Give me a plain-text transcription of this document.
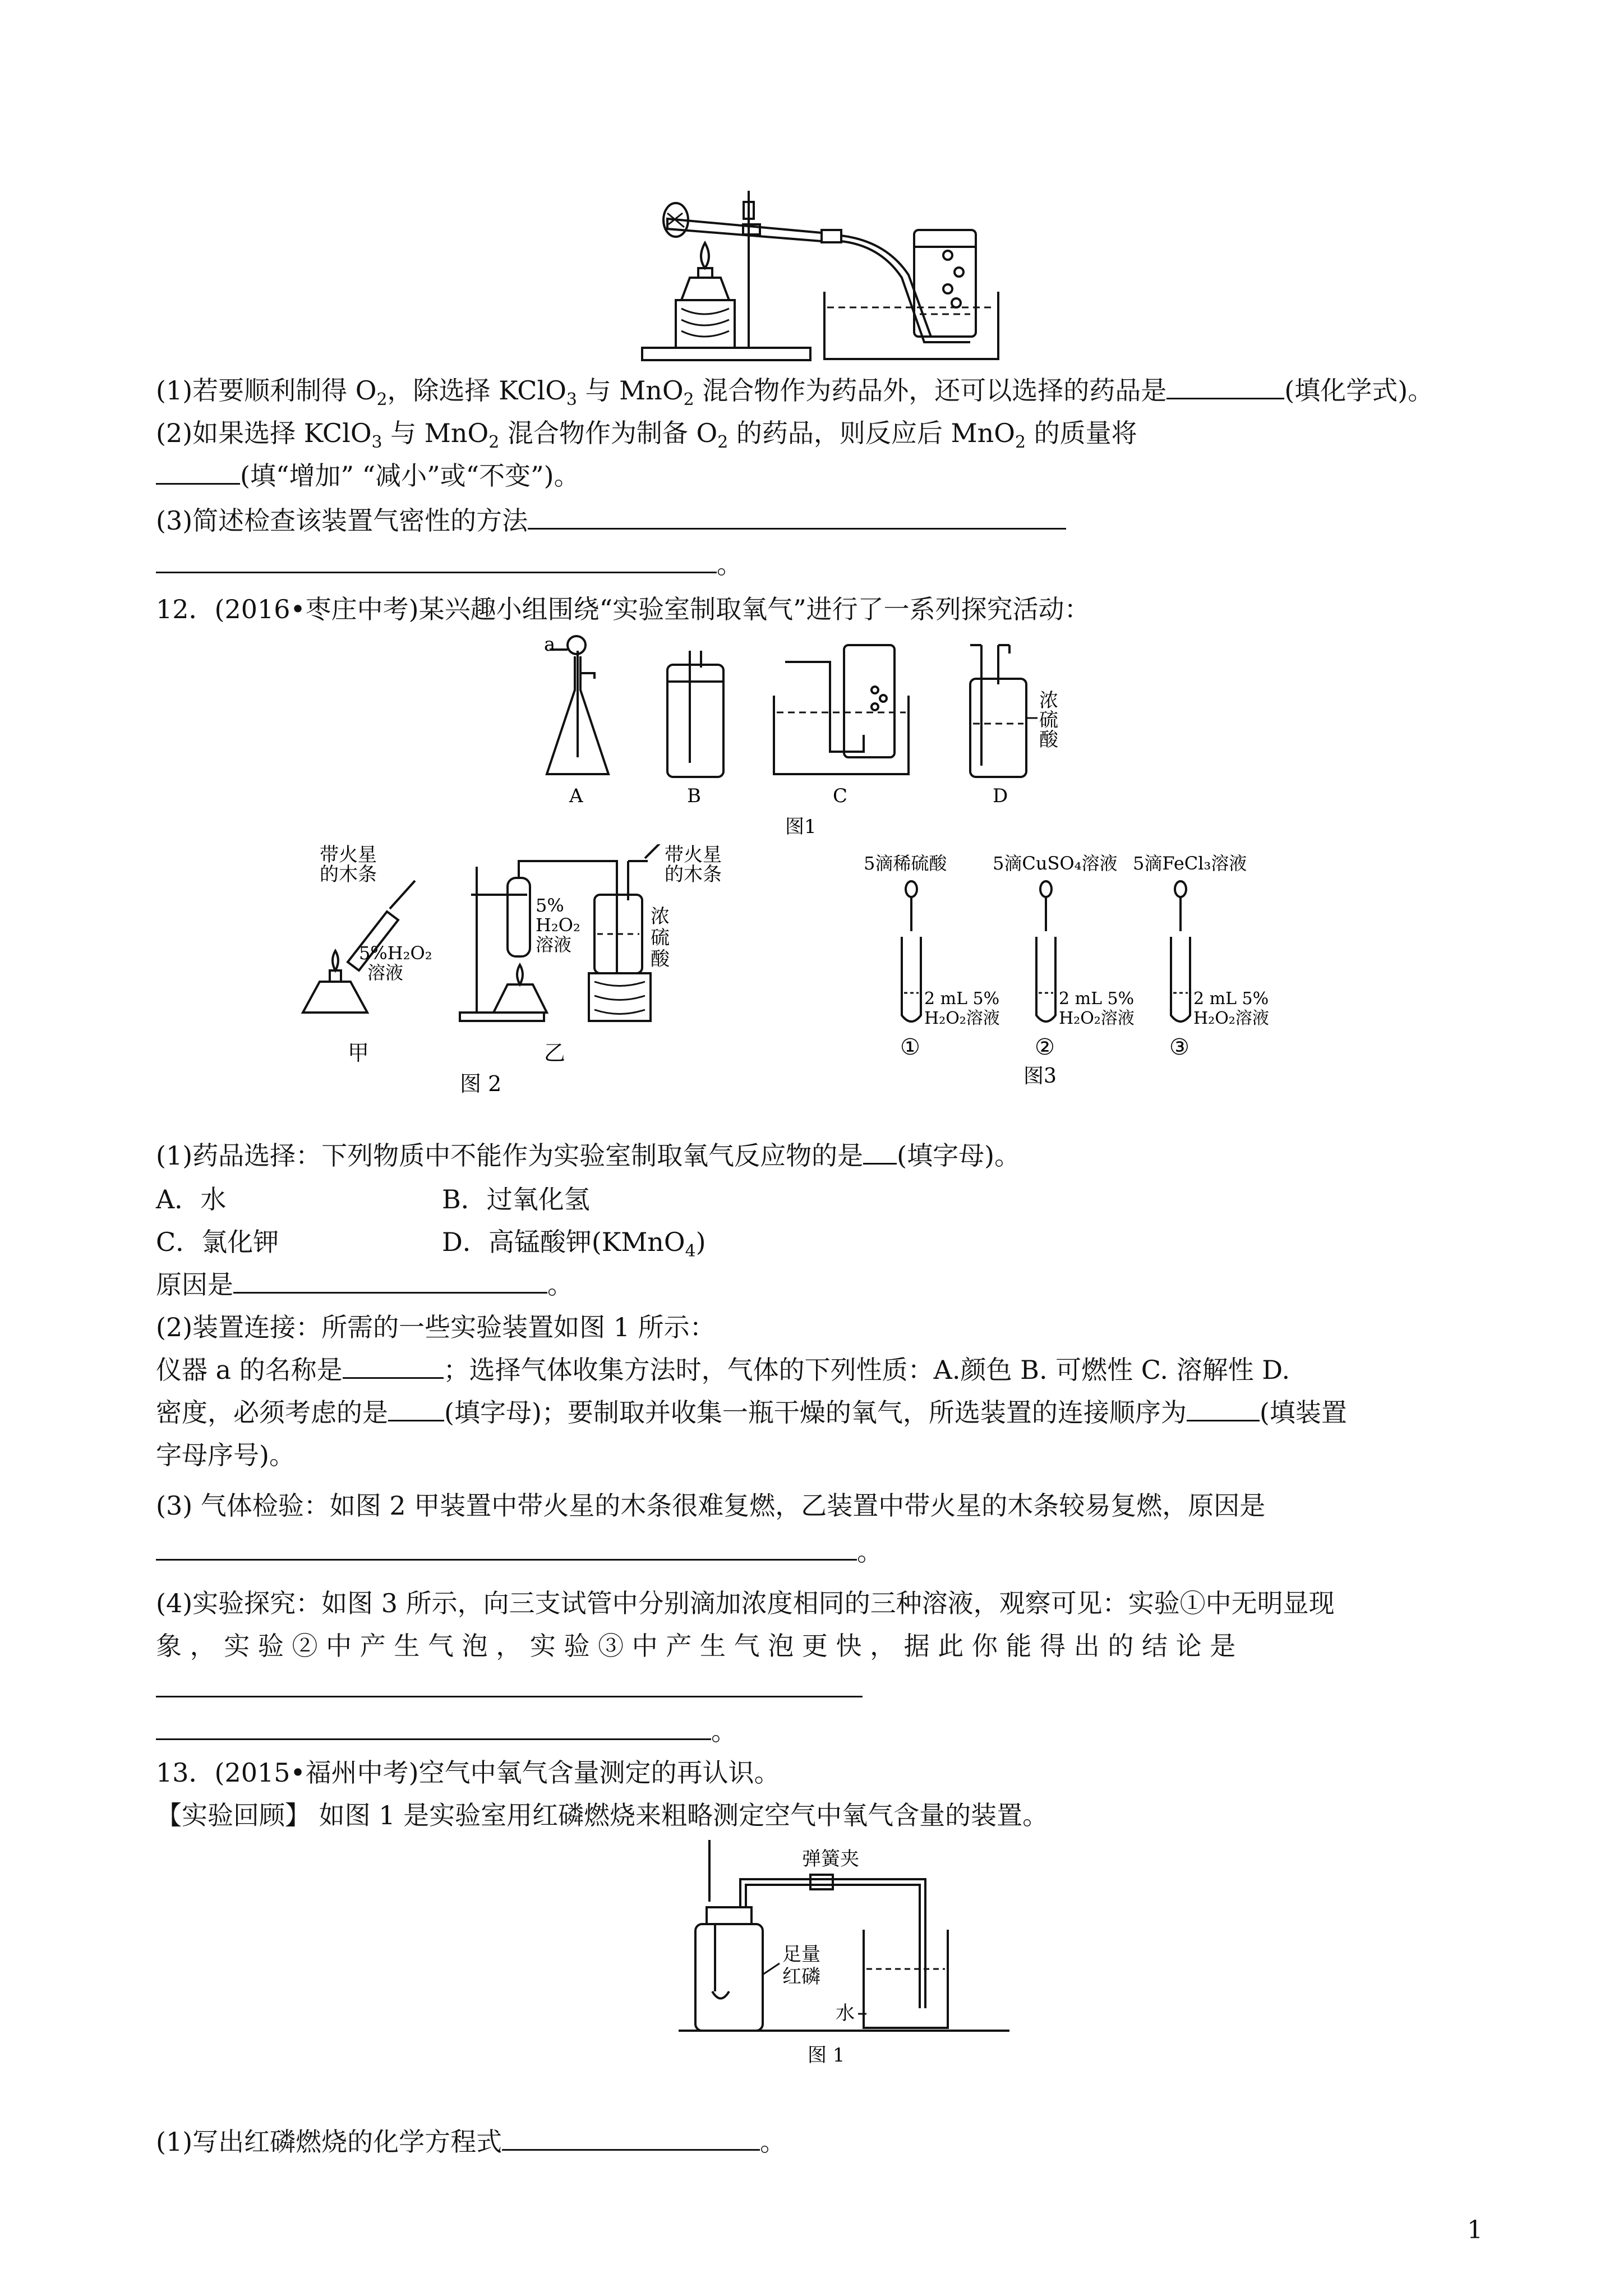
(1)若要顺利制得 $O_2$，除选择 KClO$_3$ 与 MnO$_2$ 混合物作为药品外，还可以选择的药品是	(填化学式)。
(2)如果选择 KClO$_3$ 与 MnO$_2$ 混合物作为制备 $O_2$ 的药品，则反应后 MnO$_2$ 的质量将
(填“增加” “减小”或“不变”)。
(3)简述检查该装置气密性的方法
。
12．(2016•枣庄中考)某兴趣小组围绕“实验室制取氧气”进行了一系列探究活动：
a
浓
硫
酸
A	B	C	D
图1
带火星
的木条
5%H₂O₂
溶液
带火星
的木条
5%
H₂O₂
溶液
浓
硫
酸
甲	乙
图 2
5滴稀硫酸	5滴CuSO₄溶液 5滴FeCl₃溶液
2 mL 5%
H₂O₂溶液
2 mL 5%
H₂O₂溶液
2 mL 5%
H₂O₂溶液
①	②	③
图3
(1)药品选择：下列物质中不能作为实验室制取氧气反应物的是 (填字母)。
A．水	B．过氧化氢
C．氯化钾	D．高锰酸钾(KMnO$_4$)
原因是	。
(2)装置连接：所需的一些实验装置如图 1 所示：
仪器 a 的名称是	；选择气体收集方法时，气体的下列性质：A.颜色 B. 可燃性 C. 溶解性 D.
密度，必须考虑的是 (填字母)；要制取并收集一瓶干燥的氧气，所选装置的连接顺序为	(填装置
字母序号)。
(3) 气体检验：如图 2 甲装置中带火星的木条很难复燃，乙装置中带火星的木条较易复燃，原因是
。
(4)实验探究：如图 3 所示，向三支试管中分别滴加浓度相同的三种溶液，观察可见：实验①中无明显现
象 ， 实 验 ② 中 产 生 气 泡 ， 实 验 ③ 中 产 生 气 泡 更 快 ， 据 此 你 能 得 出 的 结 论 是
。
13．(2015•福州中考)空气中氧气含量测定的再认识。
【实验回顾】 如图 1 是实验室用红磷燃烧来粗略测定空气中氧气含量的装置。
弹簧夹
足量
红磷
水
图 1
(1)写出红磷燃烧的化学方程式	。
1
